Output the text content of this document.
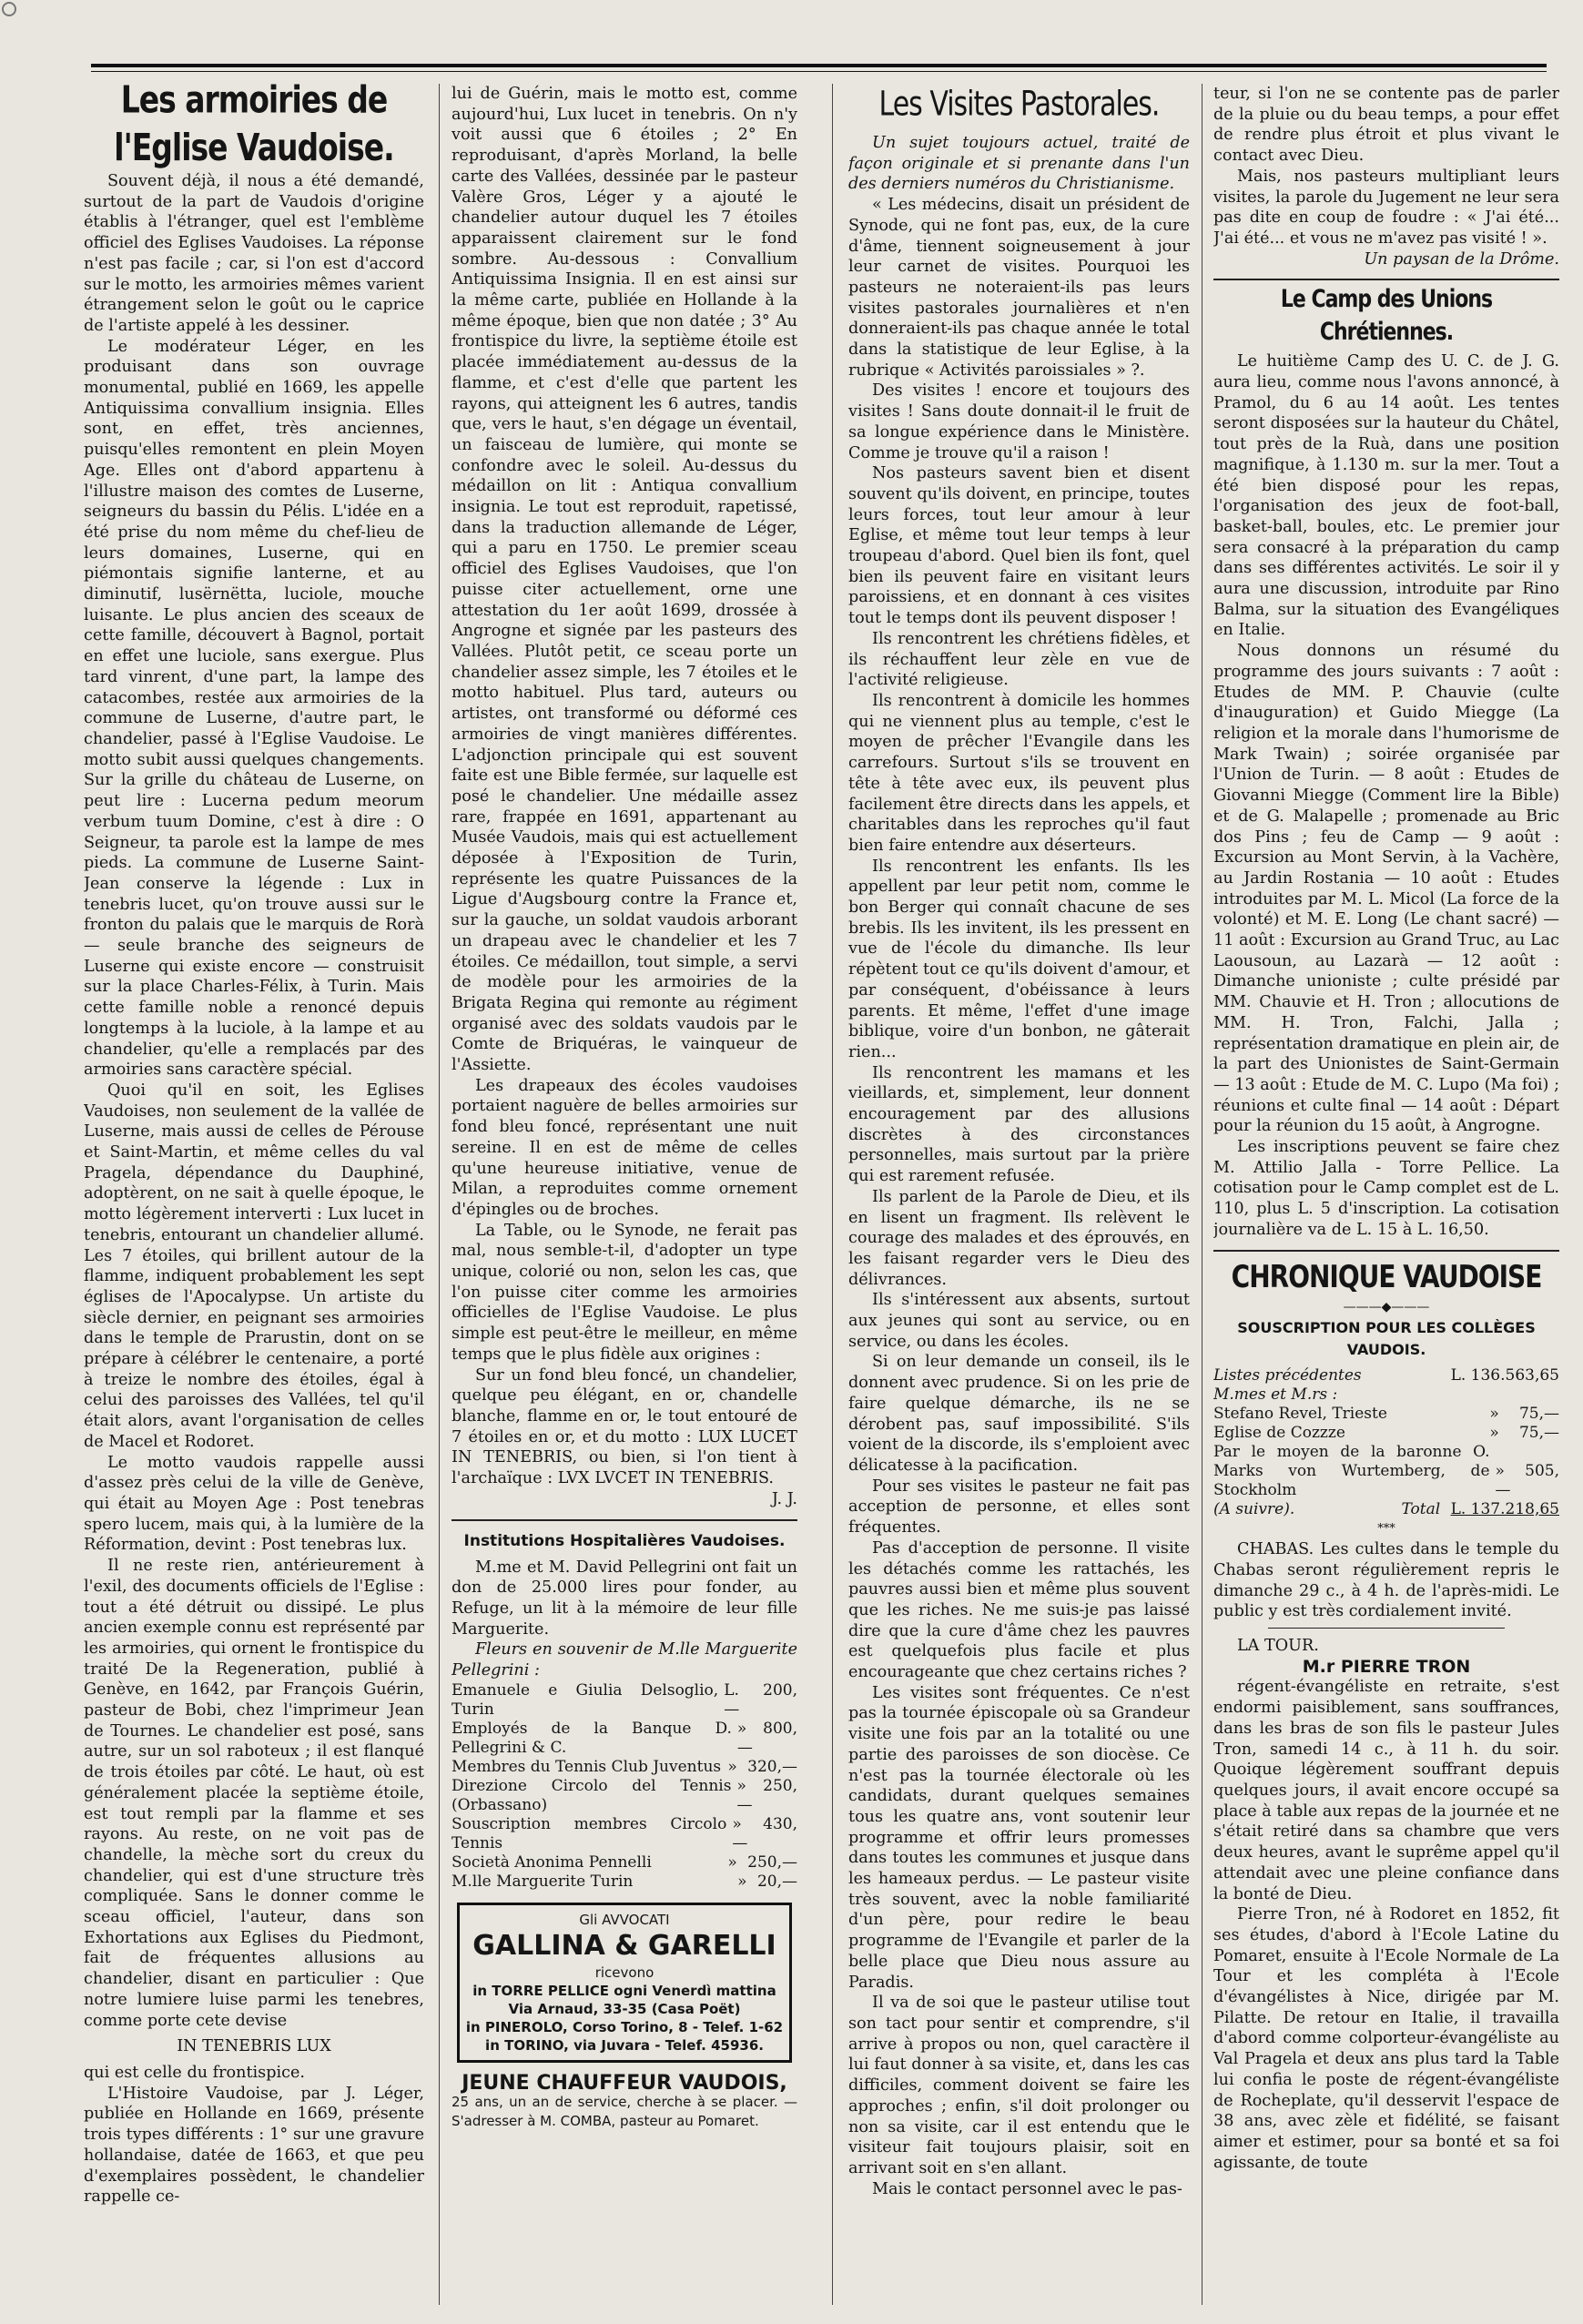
Les armoiries de l'Eglise Vaudoise.

Souvent déjà, il nous a été demandé, surtout de la part de Vaudois d'origine établis à l'étranger, quel est l'emblème officiel des Eglises Vaudoises. La réponse n'est pas facile ; car, si l'on est d'accord sur le motto, les armoiries mêmes varient étrangement selon le goût ou le caprice de l'artiste appelé à les dessiner.

Le modérateur Léger, en les produisant dans son ouvrage monumental, publié en 1669, les appelle Antiquissima convallium insignia. Elles sont, en effet, très anciennes, puisqu'elles remontent en plein Moyen Age. Elles ont d'abord appartenu à l'illustre maison des comtes de Luserne, seigneurs du bassin du Pélis. L'idée en a été prise du nom même du chef-lieu de leurs domaines, Luserne, qui en piémontais signifie lanterne, et au diminutif, lusërnëtta, luciole, mouche luisante. Le plus ancien des sceaux de cette famille, découvert à Bagnol, portait en effet une luciole, sans exergue. Plus tard vinrent, d'une part, la lampe des catacombes, restée aux armoiries de la commune de Luserne, d'autre part, le chandelier, passé à l'Eglise Vaudoise. Le motto subit aussi quelques changements. Sur la grille du château de Luserne, on peut lire : Lucerna pedum meorum verbum tuum Domine, c'est à dire : O Seigneur, ta parole est la lampe de mes pieds. La commune de Luserne Saint-Jean conserve la légende : Lux in tenebris lucet, qu'on trouve aussi sur le fronton du palais que le marquis de Rorà — seule branche des seigneurs de Luserne qui existe encore — construisit sur la place Charles-Félix, à Turin. Mais cette famille noble a renoncé depuis longtemps à la luciole, à la lampe et au chandelier, qu'elle a remplacés par des armoiries sans caractère spécial.

Quoi qu'il en soit, les Eglises Vaudoises, non seulement de la vallée de Luserne, mais aussi de celles de Pérouse et Saint-Martin, et même celles du val Pragela, dépendance du Dauphiné, adoptèrent, on ne sait à quelle époque, le motto légèrement interverti : Lux lucet in tenebris, entourant un chandelier allumé. Les 7 étoiles, qui brillent autour de la flamme, indiquent probablement les sept églises de l'Apocalypse. Un artiste du siècle dernier, en peignant ses armoiries dans le temple de Prarustin, dont on se prépare à célébrer le centenaire, a porté à treize le nombre des étoiles, égal à celui des paroisses des Vallées, tel qu'il était alors, avant l'organisation de celles de Macel et Rodoret.

Le motto vaudois rappelle aussi d'assez près celui de la ville de Genève, qui était au Moyen Age : Post tenebras spero lucem, mais qui, à la lumière de la Réformation, devint : Post tenebras lux.

Il ne reste rien, antérieurement à l'exil, des documents officiels de l'Eglise : tout a été détruit ou dissipé. Le plus ancien exemple connu est représenté par les armoiries, qui ornent le frontispice du traité De la Regeneration, publié à Genève, en 1642, par François Guérin, pasteur de Bobi, chez l'imprimeur Jean de Tournes. Le chandelier est posé, sans autre, sur un sol raboteux ; il est flanqué de trois étoiles par côté. Le haut, où est généralement placée la septième étoile, est tout rempli par la flamme et ses rayons. Au reste, on ne voit pas de chandelle, la mèche sort du creux du chandelier, qui est d'une structure très compliquée. Sans le donner comme le sceau officiel, l'auteur, dans son Exhortations aux Eglises du Piedmont, fait de fréquentes allusions au chandelier, disant en particulier : Que notre lumiere luise parmi les tenebres, comme porte cete devise

IN TENEBRIS LUX

qui est celle du frontispice.

L'Histoire Vaudoise, par J. Léger, publiée en Hollande en 1669, présente trois types différents : 1° sur une gravure hollandaise, datée de 1663, et que peu d'exemplaires possèdent, le chandelier rappelle ce-

lui de Guérin, mais le motto est, comme aujourd'hui, Lux lucet in tenebris. On n'y voit aussi que 6 étoiles ; 2° En reproduisant, d'après Morland, la belle carte des Vallées, dessinée par le pasteur Valère Gros, Léger y a ajouté le chandelier autour duquel les 7 étoiles apparaissent clairement sur le fond sombre. Au-dessous : Convallium Antiquissima Insignia. Il en est ainsi sur la même carte, publiée en Hollande à la même époque, bien que non datée ; 3° Au frontispice du livre, la septième étoile est placée immédiatement au-dessus de la flamme, et c'est d'elle que partent les rayons, qui atteignent les 6 autres, tandis que, vers le haut, s'en dégage un éventail, un faisceau de lumière, qui monte se confondre avec le soleil. Au-dessus du médaillon on lit : Antiqua convallium insignia. Le tout est reproduit, rapetissé, dans la traduction allemande de Léger, qui a paru en 1750. Le premier sceau officiel des Eglises Vaudoises, que l'on puisse citer actuellement, orne une attestation du 1er août 1699, drossée à Angrogne et signée par les pasteurs des Vallées. Plutôt petit, ce sceau porte un chandelier assez simple, les 7 étoiles et le motto habituel. Plus tard, auteurs ou artistes, ont transformé ou déformé ces armoiries de vingt manières différentes. L'adjonction principale qui est souvent faite est une Bible fermée, sur laquelle est posé le chandelier. Une médaille assez rare, frappée en 1691, appartenant au Musée Vaudois, mais qui est actuellement déposée à l'Exposition de Turin, représente les quatre Puissances de la Ligue d'Augsbourg contre la France et, sur la gauche, un soldat vaudois arborant un drapeau avec le chandelier et les 7 étoiles. Ce médaillon, tout simple, a servi de modèle pour les armoiries de la Brigata Regina qui remonte au régiment organisé avec des soldats vaudois par le Comte de Briquéras, le vainqueur de l'Assiette.

Les drapeaux des écoles vaudoises portaient naguère de belles armoiries sur fond bleu foncé, représentant une nuit sereine. Il en est de même de celles qu'une heureuse initiative, venue de Milan, a reproduites comme ornement d'épingles ou de broches.

La Table, ou le Synode, ne ferait pas mal, nous semble-t-il, d'adopter un type unique, colorié ou non, selon les cas, que l'on puisse citer comme les armoiries officielles de l'Eglise Vaudoise. Le plus simple est peut-être le meilleur, en même temps que le plus fidèle aux origines :

Sur un fond bleu foncé, un chandelier, quelque peu élégant, en or, chandelle blanche, flamme en or, le tout entouré de 7 étoiles en or, et du motto : LUX LUCET IN TENEBRIS, ou bien, si l'on tient à l'archaïque : LVX LVCET IN TENEBRIS.

J. J.
Institutions Hospitalières Vaudoises.

M.me et M. David Pellegrini ont fait un don de 25.000 lires pour fonder, au Refuge, un lit à la mémoire de leur fille Marguerite.

Fleurs en souvenir de M.lle Marguerite Pellegrini :

Emanuele e Giulia Delsoglio, Turin
L. 200,—
Employés de la Banque D. Pellegrini & C.
» 800,—
Membres du Tennis Club Juventus » 320,—
Direzione Circolo del Tennis (Orbassano)
» 250,—
Souscription membres Circolo Tennis
» 430,—
Società Anonima Pennelli	» 250,—
M.lle Marguerite Turin	» 20,—
Gli AVVOCATI
GALLINA & GARELLI
ricevono
in TORRE PELLICE ogni Venerdì mattina
Via Arnaud, 33-35 (Casa Poët)
in PINEROLO, Corso Torino, 8 - Telef. 1-62
in TORINO, via Juvara - Telef. 45936.
JEUNE CHAUFFEUR VAUDOIS,
25 ans, un an de service, cherche à se placer. — S'adresser à M. COMBA, pasteur au Pomaret.
Les Visites Pastorales.

Un sujet toujours actuel, traité de façon originale et si prenante dans l'un des derniers numéros du Christianisme.

« Les médecins, disait un président de Synode, qui ne font pas, eux, de la cure d'âme, tiennent soigneusement à jour leur carnet de visites. Pourquoi les pasteurs ne noteraient-ils pas leurs visites pastorales journalières et n'en donneraient-ils pas chaque année le total dans la statistique de leur Eglise, à la rubrique « Activités paroissiales » ?.

Des visites ! encore et toujours des visites ! Sans doute donnait-il le fruit de sa longue expérience dans le Ministère. Comme je trouve qu'il a raison !

Nos pasteurs savent bien et disent souvent qu'ils doivent, en principe, toutes leurs forces, tout leur amour à leur Eglise, et même tout leur temps à leur troupeau d'abord. Quel bien ils font, quel bien ils peuvent faire en visitant leurs paroissiens, et en donnant à ces visites tout le temps dont ils peuvent disposer !

Ils rencontrent les chrétiens fidèles, et ils réchauffent leur zèle en vue de l'activité religieuse.

Ils rencontrent à domicile les hommes qui ne viennent plus au temple, c'est le moyen de prêcher l'Evangile dans les carrefours. Surtout s'ils se trouvent en tête à tête avec eux, ils peuvent plus facilement être directs dans les appels, et charitables dans les reproches qu'il faut bien faire entendre aux déserteurs.

Ils rencontrent les enfants. Ils les appellent par leur petit nom, comme le bon Berger qui connaît chacune de ses brebis. Ils les invitent, ils les pressent en vue de l'école du dimanche. Ils leur répètent tout ce qu'ils doivent d'amour, et par conséquent, d'obéissance à leurs parents. Et même, l'effet d'une image biblique, voire d'un bonbon, ne gâterait rien...

Ils rencontrent les mamans et les vieillards, et, simplement, leur donnent encouragement par des allusions discrètes à des circonstances personnelles, mais surtout par la prière qui est rarement refusée.

Ils parlent de la Parole de Dieu, et ils en lisent un fragment. Ils relèvent le courage des malades et des éprouvés, en les faisant regarder vers le Dieu des délivrances.

Ils s'intéressent aux absents, surtout aux jeunes qui sont au service, ou en service, ou dans les écoles.

Si on leur demande un conseil, ils le donnent avec prudence. Si on les prie de faire quelque démarche, ils ne se dérobent pas, sauf impossibilité. S'ils voient de la discorde, ils s'emploient avec délicatesse à la pacification.

Pour ses visites le pasteur ne fait pas acception de personne, et elles sont fréquentes.

Pas d'acception de personne. Il visite les détachés comme les rattachés, les pauvres aussi bien et même plus souvent que les riches. Ne me suis-je pas laissé dire que la cure d'âme chez les pauvres est quelquefois plus facile et plus encourageante que chez certains riches ?

Les visites sont fréquentes. Ce n'est pas la tournée épiscopale où sa Grandeur visite une fois par an la totalité ou une partie des paroisses de son diocèse. Ce n'est pas la tournée électorale où les candidats, durant quelques semaines tous les quatre ans, vont soutenir leur programme et offrir leurs promesses dans toutes les communes et jusque dans les hameaux perdus. — Le pasteur visite très souvent, avec la noble familiarité d'un père, pour redire le beau programme de l'Evangile et parler de la belle place que Dieu nous assure au Paradis.

Il va de soi que le pasteur utilise tout son tact pour sentir et comprendre, s'il arrive à propos ou non, quel caractère il lui faut donner à sa visite, et, dans les cas difficiles, comment doivent se faire les approches ; enfin, s'il doit prolonger ou non sa visite, car il est entendu que le visiteur fait toujours plaisir, soit en arrivant soit en s'en allant.

Mais le contact personnel avec le pas-

teur, si l'on ne se contente pas de parler de la pluie ou du beau temps, a pour effet de rendre plus étroit et plus vivant le contact avec Dieu.

Mais, nos pasteurs multipliant leurs visites, la parole du Jugement ne leur sera pas dite en coup de foudre : « J'ai été... J'ai été... et vous ne m'avez pas visité ! ».

Un paysan de la Drôme.
Le Camp des Unions Chrétiennes.

Le huitième Camp des U. C. de J. G. aura lieu, comme nous l'avons annoncé, à Pramol, du 6 au 14 août. Les tentes seront disposées sur la hauteur du Châtel, tout près de la Ruà, dans une position magnifique, à 1.130 m. sur la mer. Tout a été bien disposé pour les repas, l'organisation des jeux de foot-ball, basket-ball, boules, etc. Le premier jour sera consacré à la préparation du camp dans ses différentes activités. Le soir il y aura une discussion, introduite par Rino Balma, sur la situation des Evangéliques en Italie.

Nous donnons un résumé du programme des jours suivants : 7 août : Etudes de MM. P. Chauvie (culte d'inauguration) et Guido Miegge (La religion et la morale dans l'humorisme de Mark Twain) ; soirée organisée par l'Union de Turin. — 8 août : Etudes de Giovanni Miegge (Comment lire la Bible) et de G. Malapelle ; promenade au Bric dos Pins ; feu de Camp — 9 août : Excursion au Mont Servin, à la Vachère, au Jardin Rostania — 10 août : Etudes introduites par M. L. Micol (La force de la volonté) et M. E. Long (Le chant sacré) — 11 août : Excursion au Grand Truc, au Lac Laousoun, au Lazarà — 12 août : Dimanche unioniste ; culte présidé par MM. Chauvie et H. Tron ; allocutions de MM. H. Tron, Falchi, Jalla ; représentation dramatique en plein air, de la part des Unionistes de Saint-Germain — 13 août : Etude de M. C. Lupo (Ma foi) ; réunions et culte final — 14 août : Départ pour la réunion du 15 août, à Angrogne.

Les inscriptions peuvent se faire chez M. Attilio Jalla - Torre Pellice. La cotisation pour le Camp complet est de L. 110, plus L. 5 d'inscription. La cotisation journalière va de L. 15 à L. 16,50.

CHRONIQUE VAUDOISE
———◆———
SOUSCRIPTION POUR LES COLLÈGES VAUDOIS.
Listes précédentes	L. 136.563,65
M.mes et M.rs :
Stefano Revel, Trieste	» 75,—
Eglise de Cozzze	» 75,—
Par le moyen de la baronne O. Marks von Wurtemberg, de Stockholm
» 505,—
(A suivre).	Total L. 137.218,65
***

CHABAS. Les cultes dans le temple du Chabas seront régulièrement repris le dimanche 29 c., à 4 h. de l'après-midi. Le public y est très cordialement invité.

LA TOUR.

M.r PIERRE TRON

régent-évangéliste en retraite, s'est endormi paisiblement, sans souffrances, dans les bras de son fils le pasteur Jules Tron, samedi 14 c., à 11 h. du soir. Quoique légèrement souffrant depuis quelques jours, il avait encore occupé sa place à table aux repas de la journée et ne s'était retiré dans sa chambre que vers deux heures, avant le suprême appel qu'il attendait avec une pleine confiance dans la bonté de Dieu.

Pierre Tron, né à Rodoret en 1852, fit ses études, d'abord à l'Ecole Latine du Pomaret, ensuite à l'Ecole Normale de La Tour et les compléta à l'Ecole d'évangélistes à Nice, dirigée par M. Pilatte. De retour en Italie, il travailla d'abord comme colporteur-évangéliste au Val Pragela et deux ans plus tard la Table lui confia le poste de régent-évangéliste de Rocheplate, qu'il desservit l'espace de 38 ans, avec zèle et fidélité, se faisant aimer et estimer, pour sa bonté et sa foi agissante, de toute
